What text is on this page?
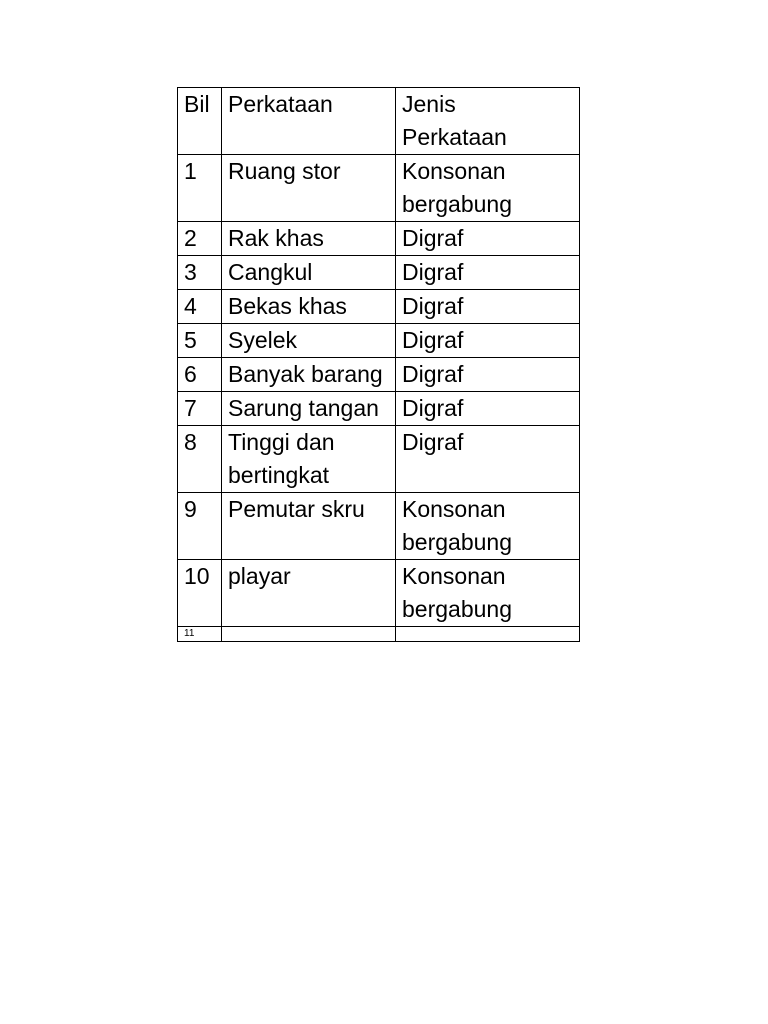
Bil	Perkataan	Jenis
Perkataan

1	Ruang stor	Konsonan bergabung
2	Rak khas	Digraf
3	Cangkul	Digraf
4	Bekas khas	Digraf
5	Syelek	Digraf
6	Banyak barang	Digraf
7	Sarung tangan	Digraf
8	Tinggi dan bertingkat	Digraf
9	Pemutar skru	Konsonan bergabung
10	playar	Konsonan bergabung
11		
